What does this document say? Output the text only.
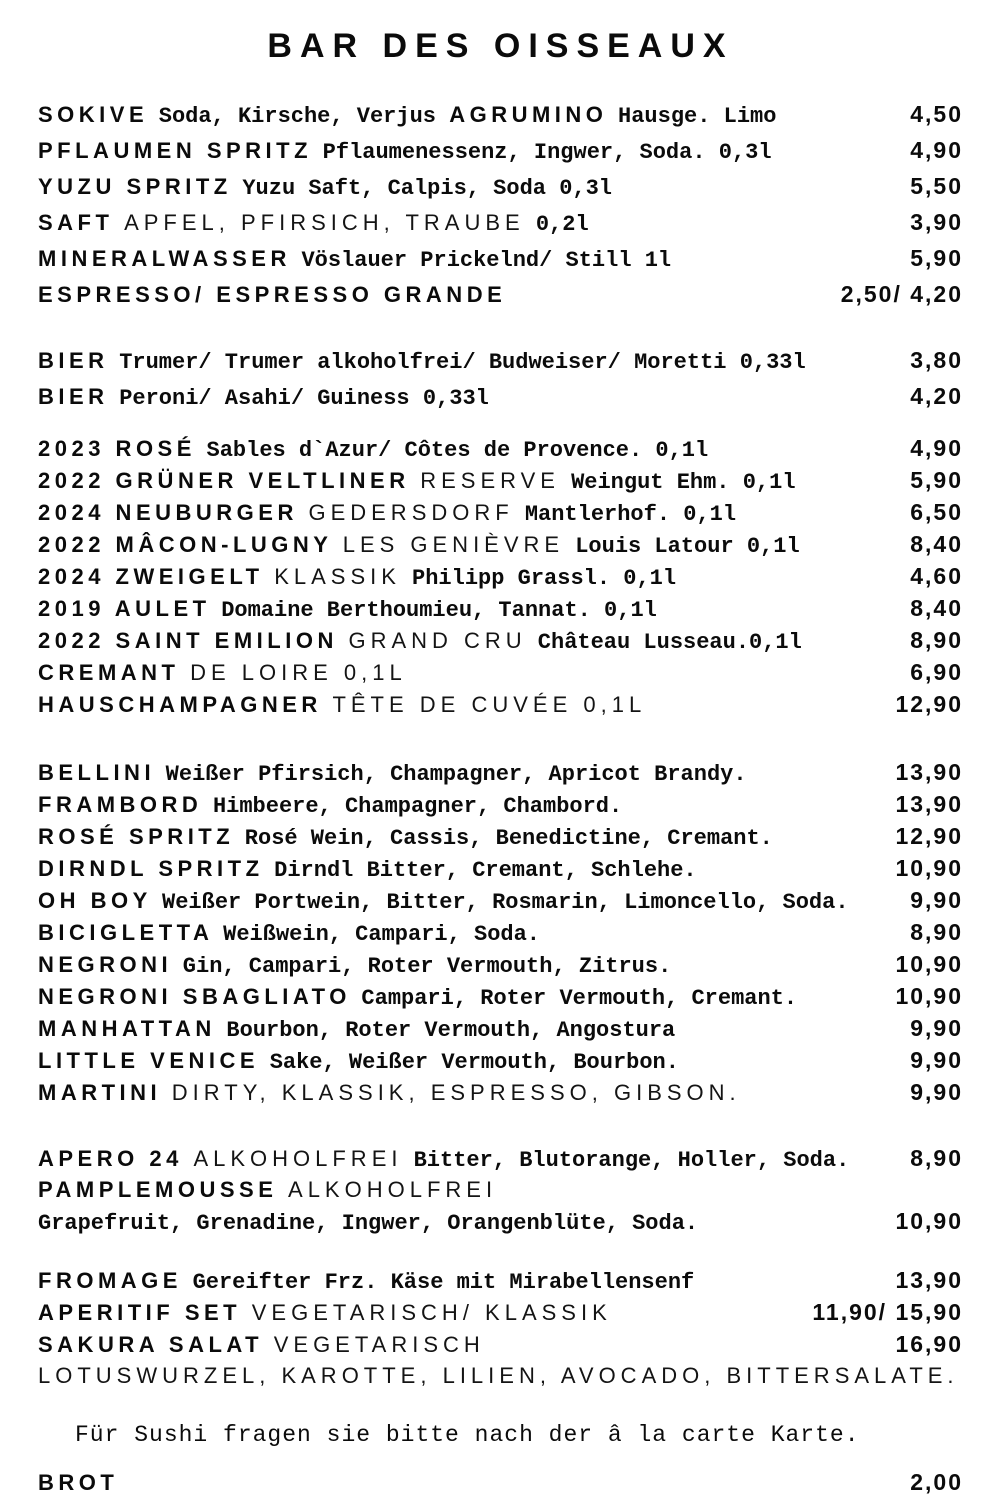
BAR DES OISSEAUX
SOKIVE Soda, Kirsche, Verjus AGRUMINO Hausge. Limo	4,50
PFLAUMEN SPRITZ Pflaumenessenz, Ingwer, Soda. 0,3l	4,90
YUZU SPRITZ Yuzu Saft, Calpis, Soda 0,3l	5,50
SAFT APFEL, PFIRSICH, TRAUBE 0,2l	3,90
MINERALWASSER Vöslauer Prickelnd/ Still 1l	5,90
ESPRESSO/ ESPRESSO GRANDE	2,50/ 4,20
BIER Trumer/ Trumer alkoholfrei/ Budweiser/ Moretti 0,33l	3,80
BIER Peroni/ Asahi/ Guiness 0,33l	4,20
2023 ROSÉ Sables d`Azur/ Côtes de Provence. 0,1l	4,90
2022 GRÜNER VELTLINER RESERVE Weingut Ehm. 0,1l	5,90
2024 NEUBURGER GEDERSDORF Mantlerhof. 0,1l	6,50
2022 MÂCON-LUGNY LES GENIÈVRE Louis Latour 0,1l	8,40
2024 ZWEIGELT KLASSIK Philipp Grassl. 0,1l	4,60
2019 AULET Domaine Berthoumieu, Tannat. 0,1l	8,40
2022 SAINT EMILION GRAND CRU Château Lusseau.0,1l	8,90
CREMANT DE LOIRE 0,1L	6,90
HAUSCHAMPAGNER TÊTE DE CUVÉE 0,1L	12,90
BELLINI Weißer Pfirsich, Champagner, Apricot Brandy.	13,90
FRAMBORD Himbeere, Champagner, Chambord.	13,90
ROSÉ SPRITZ Rosé Wein, Cassis, Benedictine, Cremant.	12,90
DIRNDL SPRITZ Dirndl Bitter, Cremant, Schlehe.	10,90
OH BOY Weißer Portwein, Bitter, Rosmarin, Limoncello, Soda.	9,90
BICIGLETTA Weißwein, Campari, Soda.	8,90
NEGRONI Gin, Campari, Roter Vermouth, Zitrus.	10,90
NEGRONI SBAGLIATO Campari, Roter Vermouth, Cremant.	10,90
MANHATTAN Bourbon, Roter Vermouth, Angostura	9,90
LITTLE VENICE Sake, Weißer Vermouth, Bourbon.	9,90
MARTINI DIRTY, KLASSIK, ESPRESSO, GIBSON.	9,90
APERO 24 ALKOHOLFREI Bitter, Blutorange, Holler, Soda.	8,90
PAMPLEMOUSSE ALKOHOLFREI
Grapefruit, Grenadine, Ingwer, Orangenblüte, Soda.	10,90
FROMAGE Gereifter Frz. Käse mit Mirabellensenf	13,90
APERITIF SET VEGETARISCH/ KLASSIK	11,90/ 15,90
SAKURA SALAT VEGETARISCH	16,90
LOTUSWURZEL, KAROTTE, LILIEN, AVOCADO, BITTERSALATE.
Für Sushi fragen sie bitte nach der â la carte Karte.
BROT	2,00
